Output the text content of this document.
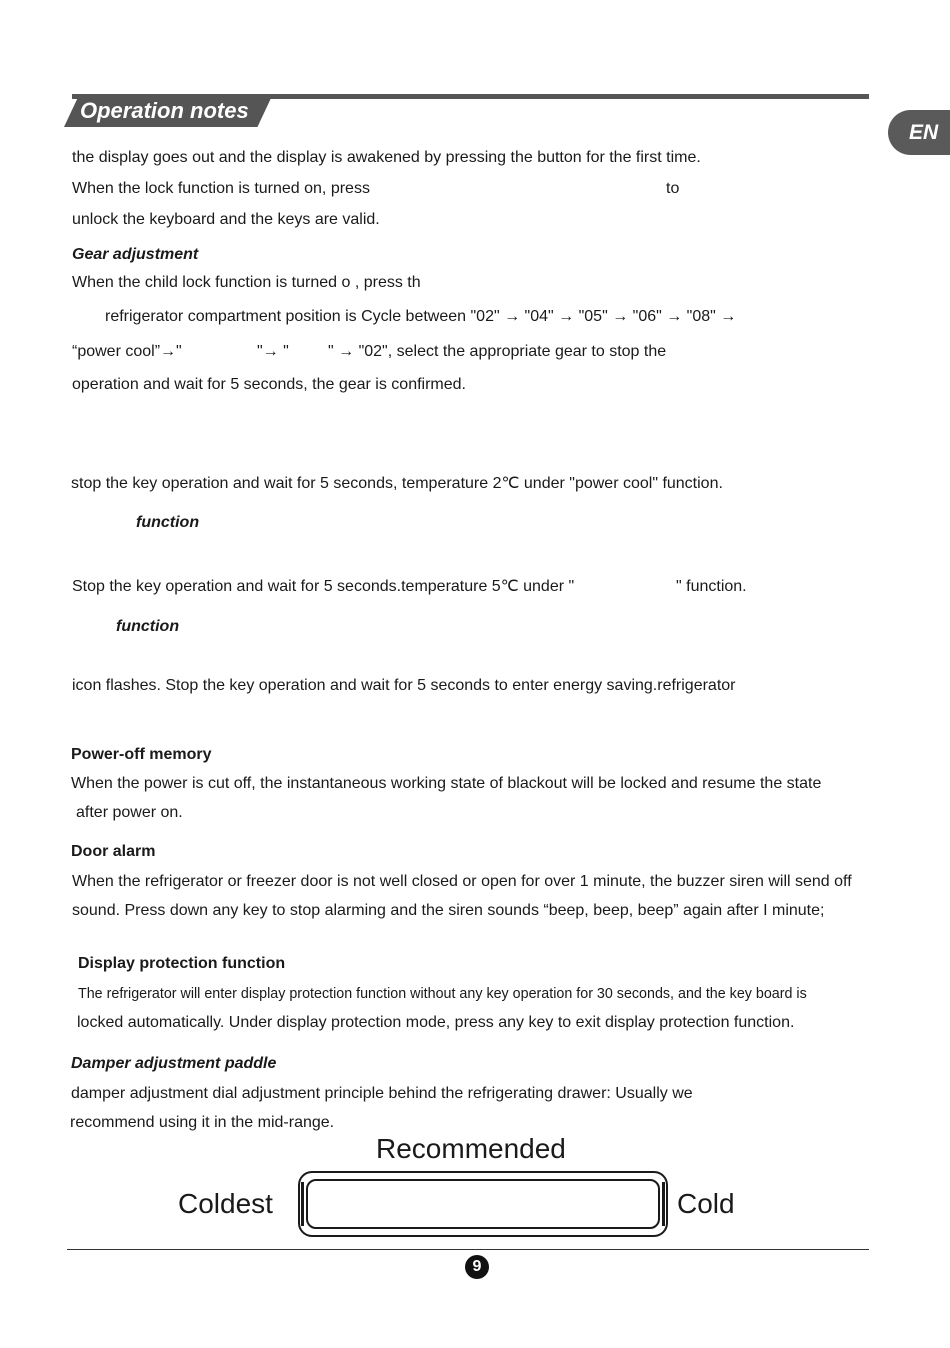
Operation notes
EN
the display goes out and the display is awakened by pressing the button for the first time.
When the lock function is turned on, press	to
unlock the keyboard and the keys are valid.
Gear adjustment
When the child lock function is turned o , press th
refrigerator compartment position is Cycle between "02" → "04" → "05" → "06" → "08" →
“power cool”→"	"→ " " → "02", select the appropriate gear to stop the
operation and wait for 5 seconds, the gear is confirmed.
stop the key operation and wait for 5 seconds, temperature 2℃ under "power cool" function.
function
Stop the key operation and wait for 5 seconds.temperature 5℃ under "	" function.
function
icon flashes. Stop the key operation and wait for 5 seconds to enter energy saving.refrigerator
Power-off memory
When the power is cut off, the instantaneous working state of blackout will be locked and resume the state
after power on.
Door alarm
When the refrigerator or freezer door is not well closed or open for over 1 minute, the buzzer siren will send off
sound. Press down any key to stop alarming and the siren sounds “beep, beep, beep” again after I minute;
Display protection function
The refrigerator will enter display protection function without any key operation for 30 seconds, and the key board is
locked automatically. Under display protection mode, press any key to exit display protection function.
Damper adjustment paddle
damper adjustment dial adjustment principle behind the refrigerating drawer: Usually we
recommend using it in the mid-range.
Recommended
Coldest	Cold
9
